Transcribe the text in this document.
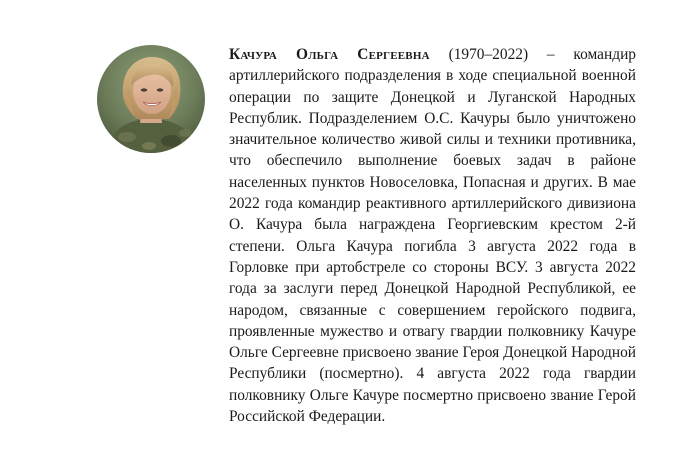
Качура Ольга Сергеевна (1970–2022) – командир артиллерийского подразделения в ходе специальной военной операции по защите Донецкой и Луганской Народных Республик. Подразделением О.С. Качуры было уничтожено значительное количество живой силы и техники противника, что обеспечило выполнение боевых задач в районе населенных пунктов Новоселовка, Попасная и других. В мае 2022 года командир реактивного артиллерийского дивизиона О. Качура была награждена Георгиевским крестом 2-й степени. Ольга Качура погибла 3 августа 2022 года в Горловке при артобстреле со стороны ВСУ. 3 августа 2022 года за заслуги перед Донецкой Народной Республикой, ее народом, связанные с совершением геройского подвига, проявленные мужество и отвагу гвардии полковнику Качуре Ольге Сергеевне присвоено звание Героя Донецкой Народной Республики (посмертно). 4 августа 2022 года гвардии полковнику Ольге Качуре посмертно присвоено звание Герой Российской Федерации.
